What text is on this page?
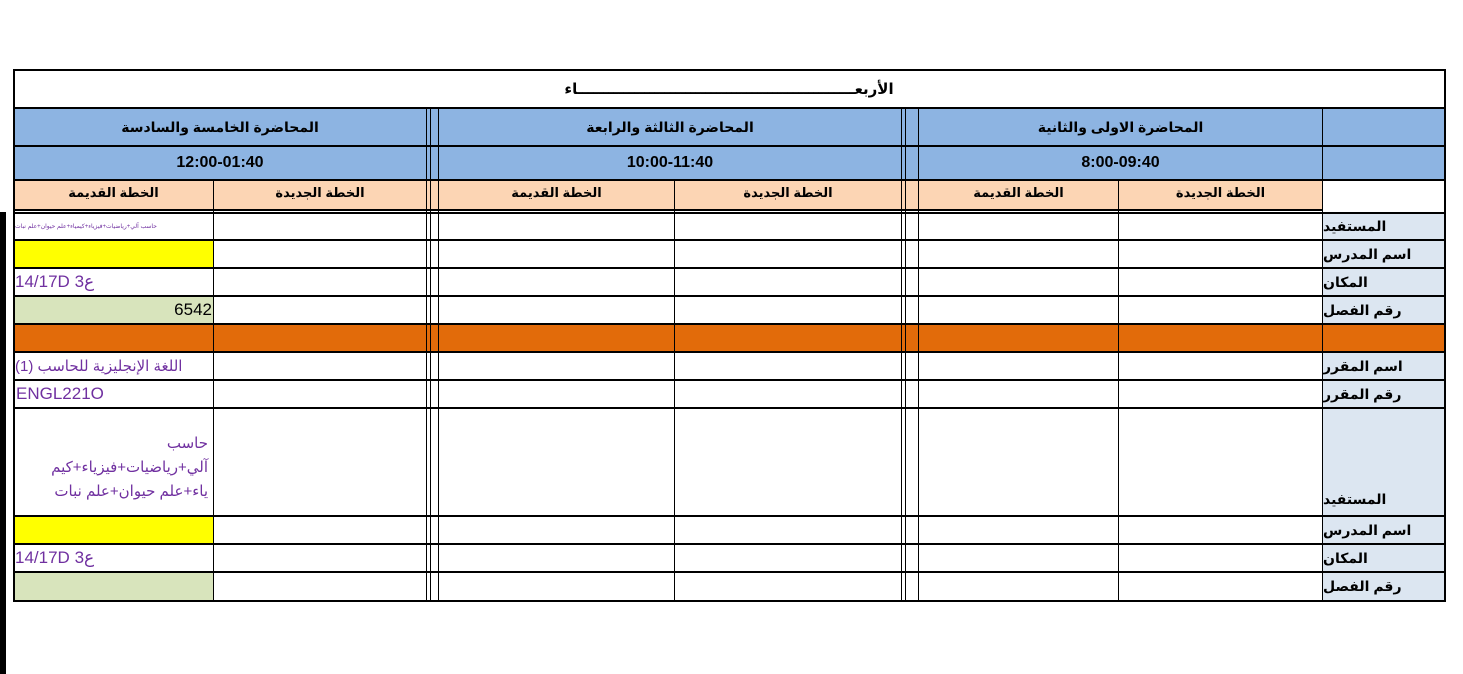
الأربعــــــــــــــــــــــــــــــــــــــــــــــــــــــاء
المحاضرة الاولى والثانية
المحاضرة الثالثة والرابعة
المحاضرة الخامسة والسادسة
8:00-09:40
10:00-11:40
12:00-01:40
الخطة الجديدة
الخطة القديمة
الخطة الجديدة
الخطة القديمة
الخطة الجديدة
الخطة القديمة
المستفيد
اسم المدرس
المكان
رقم الفصل
اسم المقرر
رقم المقرر
المستفيد
اسم المدرس
المكان
رقم الفصل
حاسب آلي+رياضيات+فيزياء+كيمياء+علم حيوان+علم نبات
ع3 14/17D
6542
اللغة الإنجليزية للحاسب (1)
ENGL221O
حاسب
آلي+رياضيات+فيزياء+كيم
ياء+علم حيوان+علم نبات
ع3 14/17D
